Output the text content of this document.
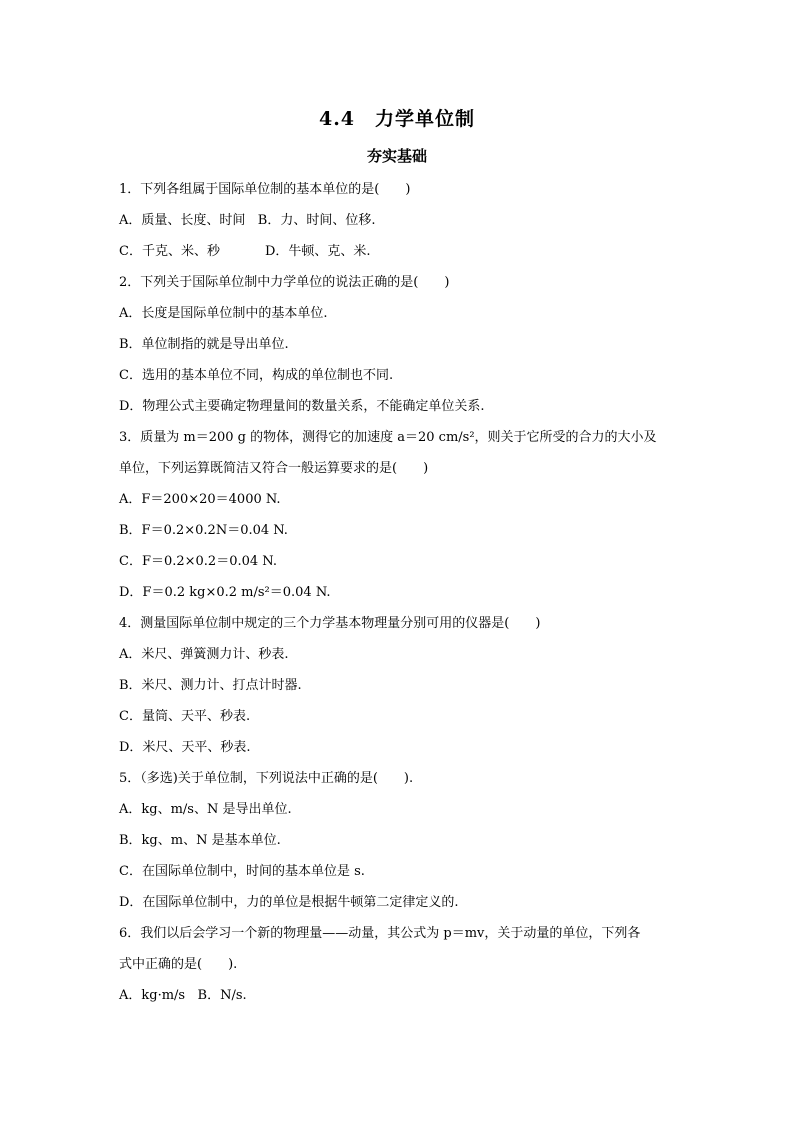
4.4　力学单位制
夯实基础
1．下列各组属于国际单位制的基本单位的是(　　)
A．质量、长度、时间 B．力、时间、位移.
C．千克、米、秒	D．牛顿、克、米.
2．下列关于国际单位制中力学单位的说法正确的是(　　)
A．长度是国际单位制中的基本单位.
B．单位制指的就是导出单位.
C．选用的基本单位不同，构成的单位制也不同.
D．物理公式主要确定物理量间的数量关系，不能确定单位关系.
3．质量为 m＝200 g 的物体，测得它的加速度 a＝20 cm/s²，则关于它所受的合力的大小及
单位，下列运算既简洁又符合一般运算要求的是(　　)
A．F＝200×20＝4000 N.
B．F＝0.2×0.2N＝0.04 N.
C．F＝0.2×0.2＝0.04 N.
D．F＝0.2 kg×0.2 m/s²＝0.04 N.
4．测量国际单位制中规定的三个力学基本物理量分别可用的仪器是(　　)
A．米尺、弹簧测力计、秒表.
B．米尺、测力计、打点计时器.
C．量筒、天平、秒表.
D．米尺、天平、秒表.
5．（多选)关于单位制，下列说法中正确的是(　　).
A．kg、m/s、N 是导出单位.
B．kg、m、N 是基本单位.
C．在国际单位制中，时间的基本单位是 s.
D．在国际单位制中，力的单位是根据牛顿第二定律定义的.
6．我们以后会学习一个新的物理量——动量，其公式为 p＝mv，关于动量的单位，下列各
式中正确的是(　　).
A．kg·m/s B．N/s.
